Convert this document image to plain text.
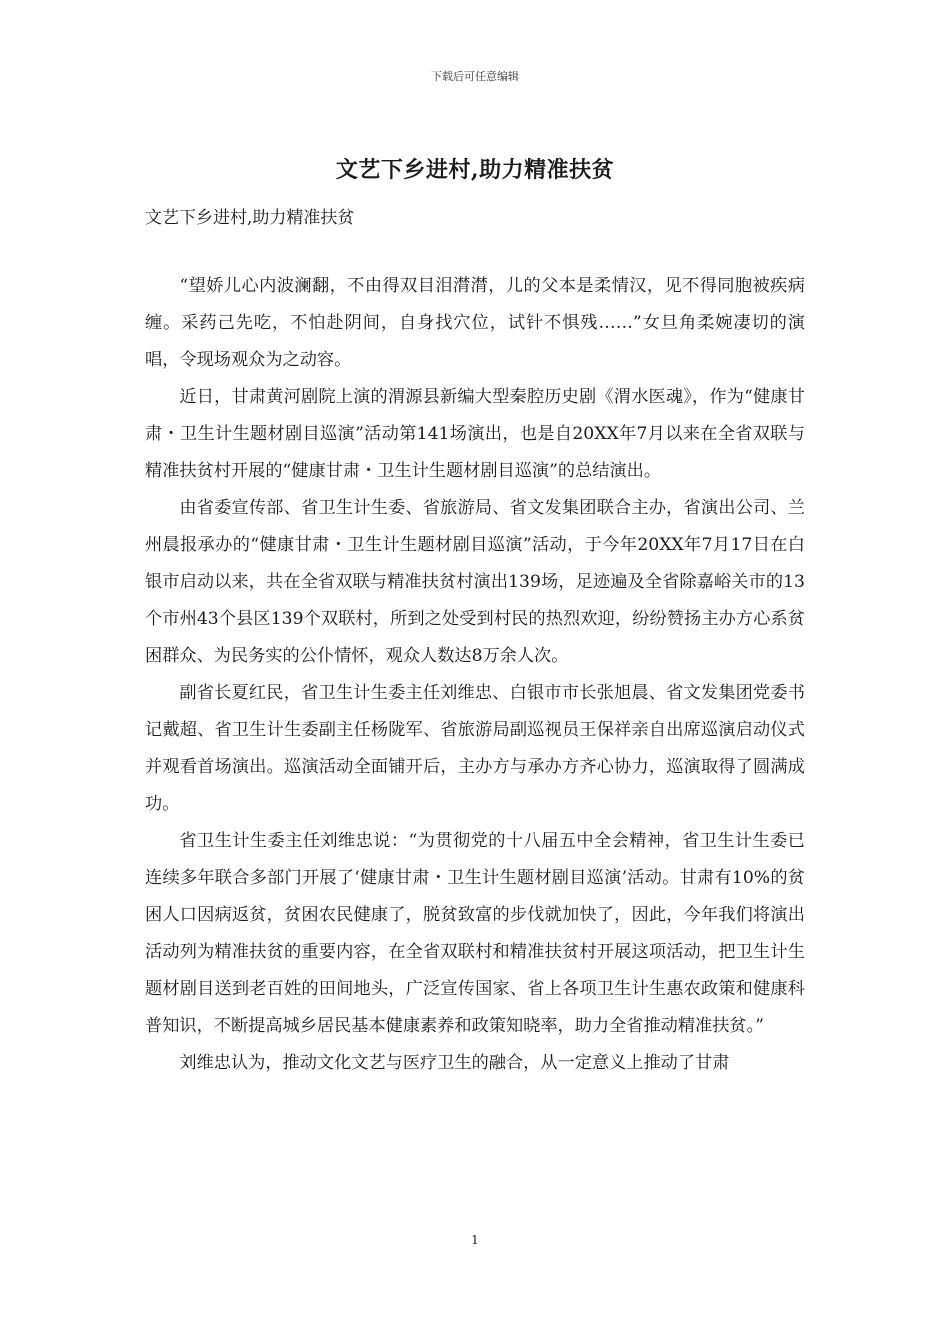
下载后可任意编辑
文艺下乡进村,助力精准扶贫

文艺下乡进村,助力精准扶贫

“望娇儿心内波澜翻，不由得双目泪潸潸，儿的父本是柔情汉，见不得同胞被疾病缠。采药己先吃，不怕赴阴间，自身找穴位，试针不惧残……”女旦角柔婉凄切的演唱，令现场观众为之动容。

近日，甘肃黄河剧院上演的渭源县新编大型秦腔历史剧《渭水医魂》，作为“健康甘肃・卫生计生题材剧目巡演”活动第141场演出，也是自20XX年7月以来在全省双联与精准扶贫村开展的“健康甘肃・卫生计生题材剧目巡演”的总结演出。

由省委宣传部、省卫生计生委、省旅游局、省文发集团联合主办，省演出公司、兰州晨报承办的“健康甘肃・卫生计生题材剧目巡演”活动，于今年20XX年7月17日在白银市启动以来，共在全省双联与精准扶贫村演出139场，足迹遍及全省除嘉峪关市的13个市州43个县区139个双联村，所到之处受到村民的热烈欢迎，纷纷赞扬主办方心系贫困群众、为民务实的公仆情怀，观众人数达8万余人次。

副省长夏红民，省卫生计生委主任刘维忠、白银市市长张旭晨、省文发集团党委书记戴超、省卫生计生委副主任杨陇军、省旅游局副巡视员王保祥亲自出席巡演启动仪式并观看首场演出。巡演活动全面铺开后，主办方与承办方齐心协力，巡演取得了圆满成功。

省卫生计生委主任刘维忠说：“为贯彻党的十八届五中全会精神，省卫生计生委已连续多年联合多部门开展了‘健康甘肃・卫生计生题材剧目巡演’活动。甘肃有10%的贫困人口因病返贫，贫困农民健康了，脱贫致富的步伐就加快了，因此，今年我们将演出活动列为精准扶贫的重要内容，在全省双联村和精准扶贫村开展这项活动，把卫生计生题材剧目送到老百姓的田间地头，广泛宣传国家、省上各项卫生计生惠农政策和健康科普知识，不断提高城乡居民基本健康素养和政策知晓率，助力全省推动精准扶贫。”

刘维忠认为，推动文化文艺与医疗卫生的融合，从一定意义上推动了甘肃

1
